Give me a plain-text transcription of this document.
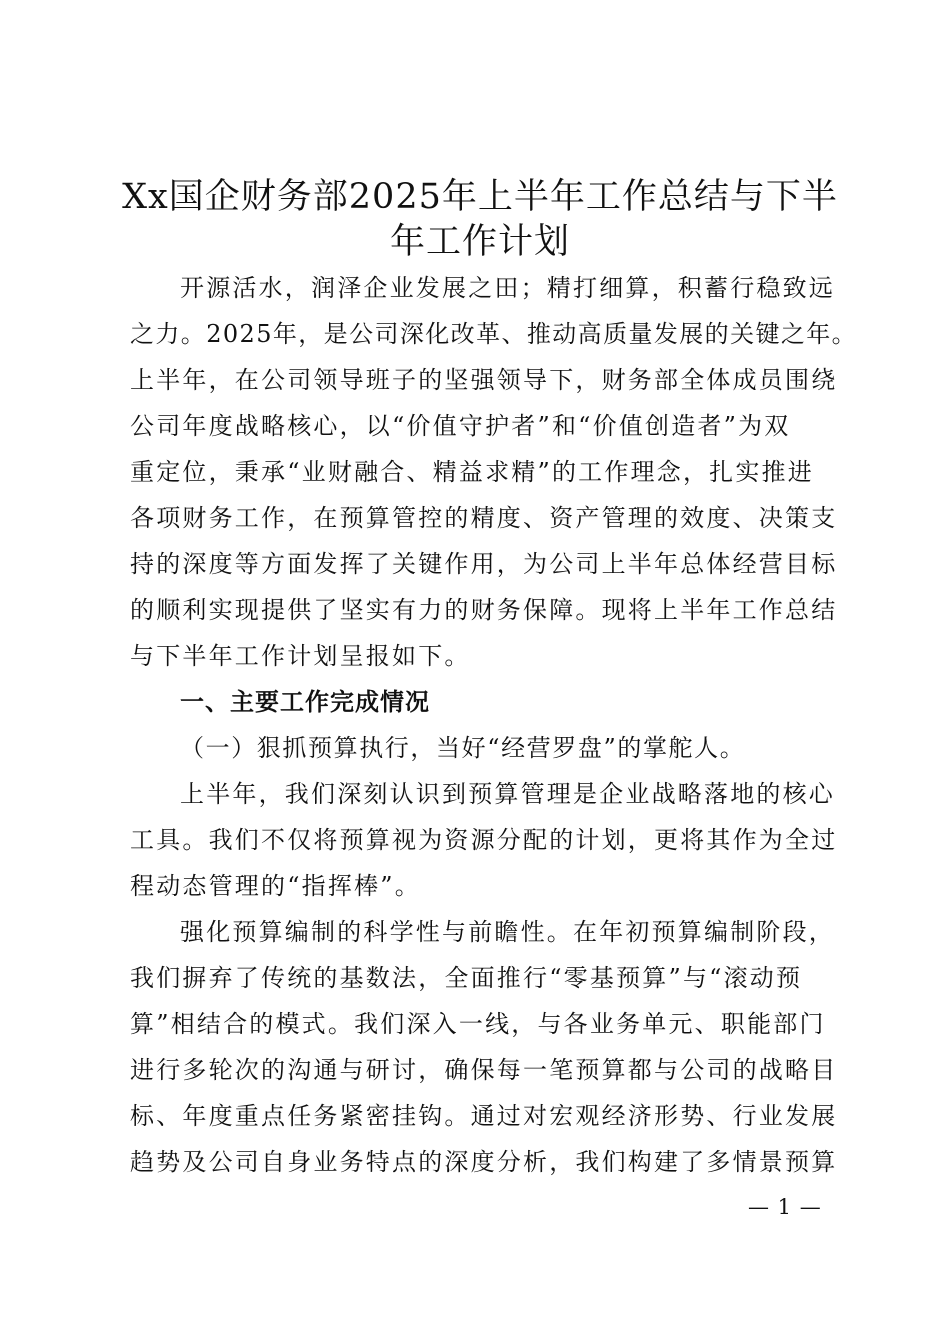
Xx国企财务部2025年上半年工作总结与下半
年工作计划

开源活水，润泽企业发展之田；精打细算，积蓄行稳致远

之力。2025年，是公司深化改革、推动高质量发展的关键之年。

上半年，在公司领导班子的坚强领导下，财务部全体成员围绕

公司年度战略核心，以“价值守护者”和“价值创造者”为双

重定位，秉承“业财融合、精益求精”的工作理念，扎实推进

各项财务工作，在预算管控的精度、资产管理的效度、决策支

持的深度等方面发挥了关键作用，为公司上半年总体经营目标

的顺利实现提供了坚实有力的财务保障。现将上半年工作总结

与下半年工作计划呈报如下。

一、主要工作完成情况

（一）狠抓预算执行，当好“经营罗盘”的掌舵人。

上半年，我们深刻认识到预算管理是企业战略落地的核心

工具。我们不仅将预算视为资源分配的计划，更将其作为全过

程动态管理的“指挥棒”。

强化预算编制的科学性与前瞻性。在年初预算编制阶段，

我们摒弃了传统的基数法，全面推行“零基预算”与“滚动预

算”相结合的模式。我们深入一线，与各业务单元、职能部门

进行多轮次的沟通与研讨，确保每一笔预算都与公司的战略目

标、年度重点任务紧密挂钩。通过对宏观经济形势、行业发展

趋势及公司自身业务特点的深度分析，我们构建了多情景预算

— 1 —
